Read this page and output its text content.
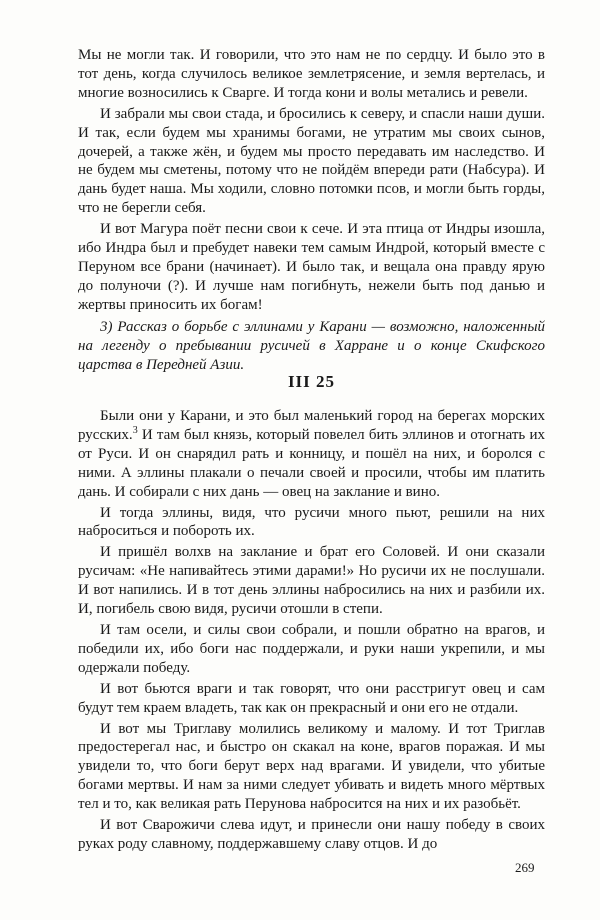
Мы не могли так. И говорили, что это нам не по сердцу. И было это в тот день, когда случилось великое землетрясение, и земля вертелась, и многие возносились к Сварге. И тогда кони и волы метались и ревели.

И забрали мы свои стада, и бросились к северу, и спасли наши души. И так, если будем мы хранимы богами, не утратим мы своих сынов, дочерей, а также жён, и будем мы просто передавать им наследство. И не будем мы сметены, потому что не пойдём впереди рати (Набсура). И дань будет наша. Мы ходили, словно потомки псов, и могли быть горды, что не берегли себя.

И вот Магура поёт песни свои к сече. И эта птица от Индры изошла, ибо Индра был и пребудет навеки тем самым Индрой, который вместе с Перуном все брани (начинает). И было так, и вещала она правду ярую до полуночи (?). И лучше нам погибнуть, нежели быть под данью и жертвы приносить их богам!

3) Рассказ о борьбе с эллинами у Карани — возможно, наложенный на легенду о пребывании русичей в Харране и о конце Скифского царства в Передней Азии.

III 25

Были они у Карани, и это был маленький город на берегах морских русских.$^3$ И там был князь, который повелел бить эллинов и отогнать их от Руси. И он снарядил рать и конницу, и пошёл на них, и боролся с ними. А эллины плакали о печали своей и просили, чтобы им платить дань. И собирали с них дань — овец на заклание и вино.

И тогда эллины, видя, что русичи много пьют, решили на них наброситься и побороть их.

И пришёл волхв на заклание и брат его Соловей. И они сказали русичам: «Не напивайтесь этими дарами!» Но русичи их не послушали. И вот напились. И в тот день эллины набросились на них и разбили их. И, погибель свою видя, русичи отошли в степи.

И там осели, и силы свои собрали, и пошли обратно на врагов, и победили их, ибо боги нас поддержали, и руки наши укрепили, и мы одержали победу.

И вот бьются враги и так говорят, что они расстригут овец и сам будут тем краем владеть, так как он прекрасный и они его не отдали.

И вот мы Триглаву молились великому и малому. И тот Триглав предостерегал нас, и быстро он скакал на коне, врагов поражая. И мы увидели то, что боги берут верх над врагами. И увидели, что убитые богами мертвы. И нам за ними следует убивать и видеть много мёртвых тел и то, как великая рать Перунова набросится на них и их разобьёт.

И вот Сварожичи слева идут, и принесли они нашу победу в своих руках роду славному, поддержавшему славу отцов. И до

269
